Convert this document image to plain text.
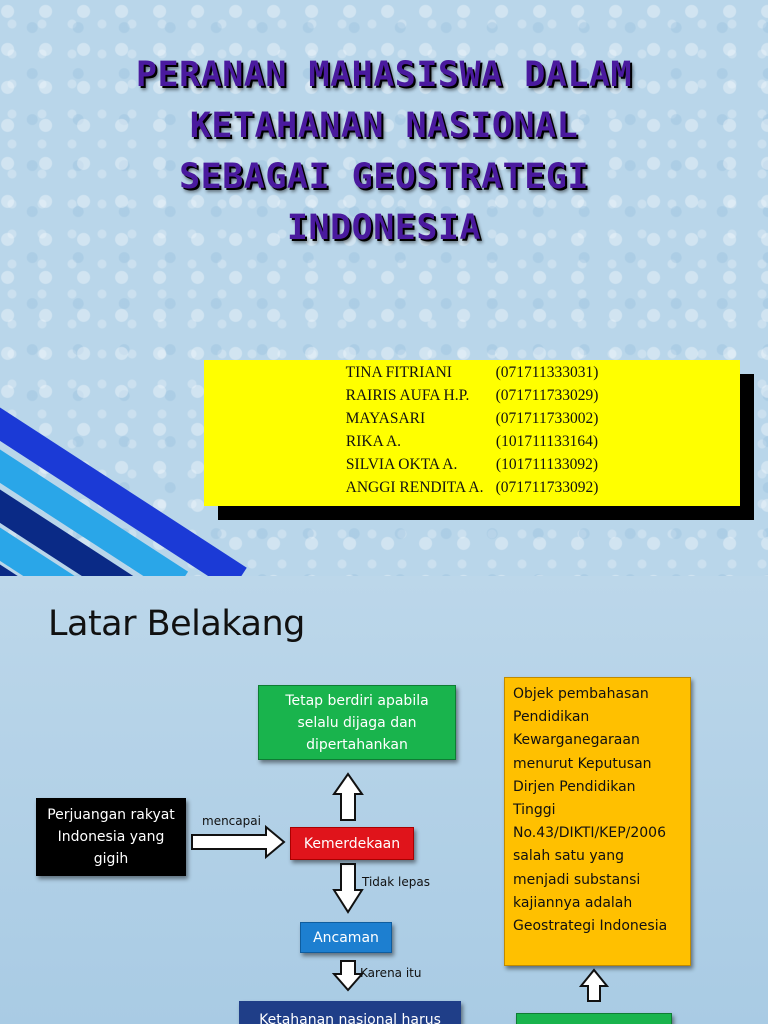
PERANAN MAHASISWA DALAM
KETAHANAN NASIONAL
SEBAGAI GEOSTRATEGI
INDONESIA
TINA FITRIANI	(071711333031)
RAIRIS AUFA H.P.	(071711733029)
MAYASARI	(071711733002)
RIKA A.	(101711133164)
SILVIA OKTA A.	(101711133092)
ANGGI RENDITA A. (071711733092)
Latar Belakang
Tetap berdiri apabila selalu dijaga dan dipertahankan
Perjuangan rakyat Indonesia yang gigih
mencapai
Kemerdekaan
Tidak lepas
Ancaman
Karena itu
Ketahanan nasional harus
Objek pembahasan Pendidikan Kewarganegaraan menurut Keputusan Dirjen Pendidikan Tinggi No.43/DIKTI/KEP/2006 salah satu yang menjadi substansi kajiannya adalah Geostrategi Indonesia
